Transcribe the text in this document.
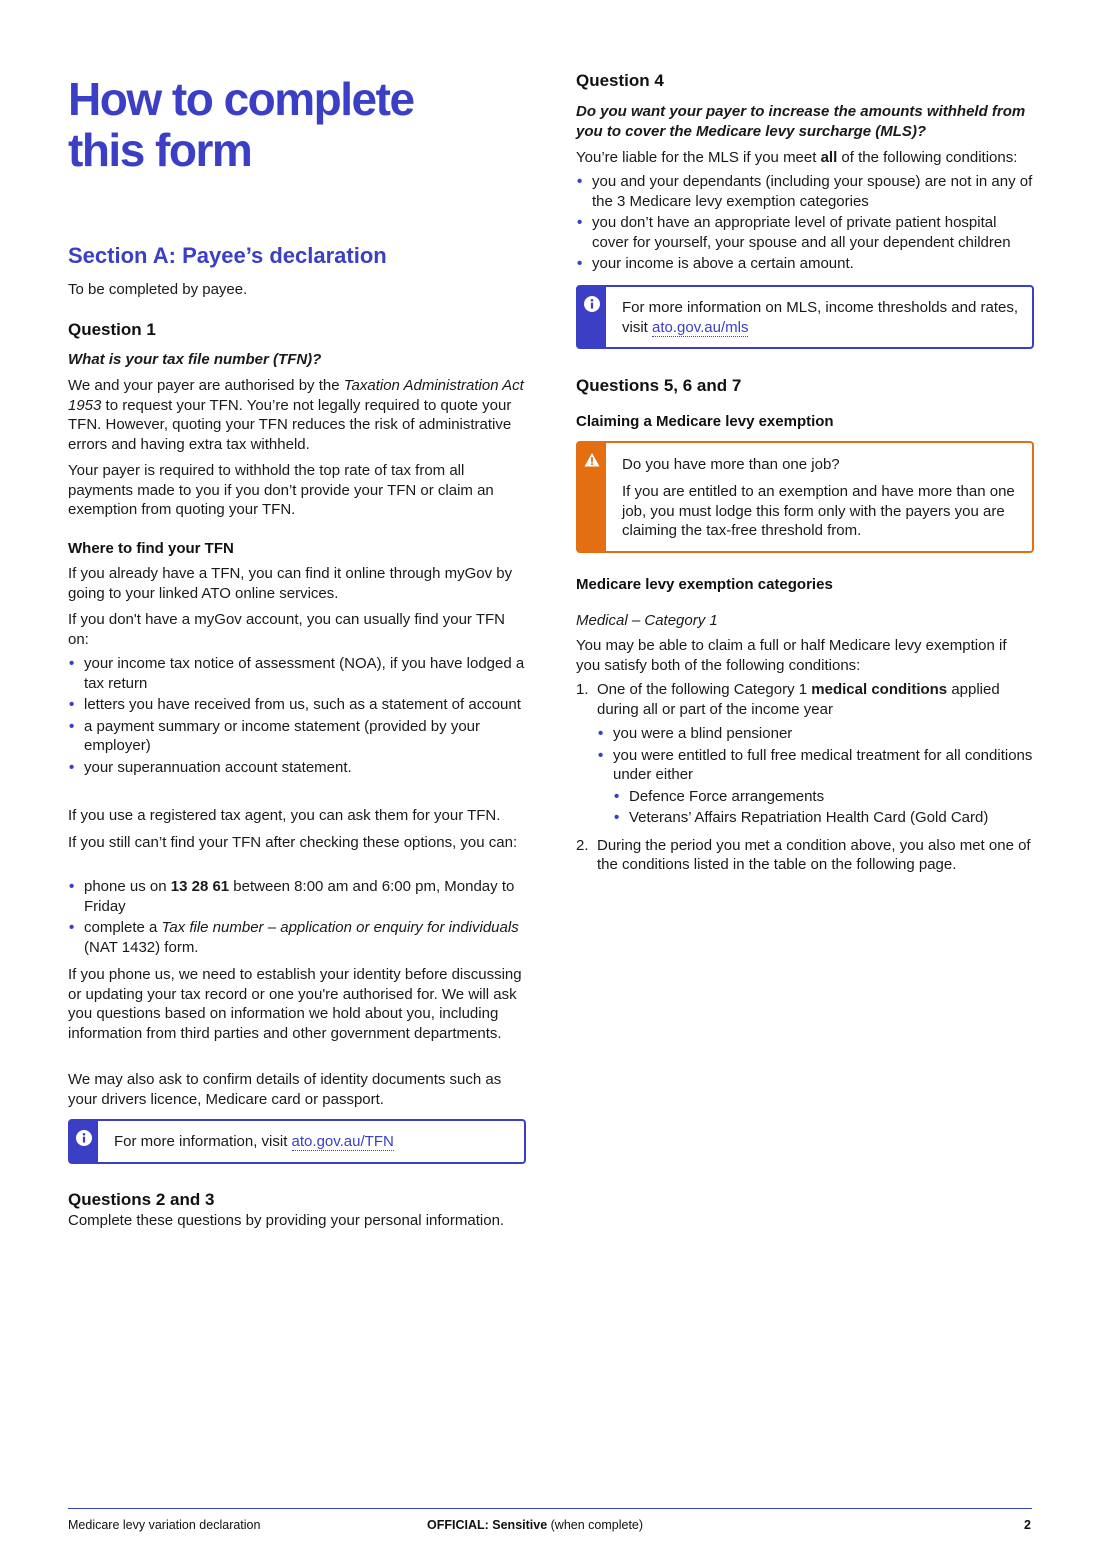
How to complete
this form
Section A: Payee’s declaration

To be completed by payee.

Question 1

What is your tax file number (TFN)?

We and your payer are authorised by the Taxation Administration Act 1953 to request your TFN. You’re not legally required to quote your TFN. However, quoting your TFN reduces the risk of administrative errors and having extra tax withheld.

Your payer is required to withhold the top rate of tax from all payments made to you if you don’t provide your TFN or claim an exemption from quoting your TFN.

Where to find your TFN

If you already have a TFN, you can find it online through myGov by going to your linked ATO online services.

If you don't have a myGov account, you can usually find your TFN on:

• your income tax notice of assessment (NOA), if you have lodged a tax return
• letters you have received from us, such as a statement of account
• a payment summary or income statement (provided by your employer)
• your superannuation account statement.

If you use a registered tax agent, you can ask them for your TFN.

If you still can’t find your TFN after checking these options, you can:

• phone us on 13 28 61 between 8:00 am and 6:00 pm, Monday to Friday
• complete a Tax file number – application or enquiry for individuals (NAT 1432) form.

If you phone us, we need to establish your identity before discussing or updating your tax record or one you're authorised for. We will ask you questions based on information we hold about you, including information from third parties and other government departments.

We may also ask to confirm details of identity documents such as your drivers licence, Medicare card or passport.

For more information, visit ato.gov.au/TFN
Questions 2 and 3

Complete these questions by providing your personal information.

Question 4

Do you want your payer to increase the amounts withheld from you to cover the Medicare levy surcharge (MLS)?

You’re liable for the MLS if you meet all of the following conditions:

• you and your dependants (including your spouse) are not in any of the 3 Medicare levy exemption categories
• you don’t have an appropriate level of private patient hospital cover for yourself, your spouse and all your dependent children
• your income is above a certain amount.
For more information on MLS, income thresholds and rates, visit ato.gov.au/mls
Questions 5, 6 and 7
Claiming a Medicare levy exemption
Do you have more than one job?
If you are entitled to an exemption and have more than one job, you must lodge this form only with the payers you are claiming the tax-free threshold from.
Medicare levy exemption categories

Medical – Category 1

You may be able to claim a full or half Medicare levy exemption if you satisfy both of the following conditions:

1. One of the following Category 1 medical conditions applied during all or part of the income year
• you were a blind pensioner
• you were entitled to full free medical treatment for all conditions under either
• Defence Force arrangements
• Veterans’ Affairs Repatriation Health Card (Gold Card)
2. During the period you met a condition above, you also met one of the conditions listed in the table on the following page.
Medicare levy variation declaration	OFFICIAL: Sensitive (when complete)	2
